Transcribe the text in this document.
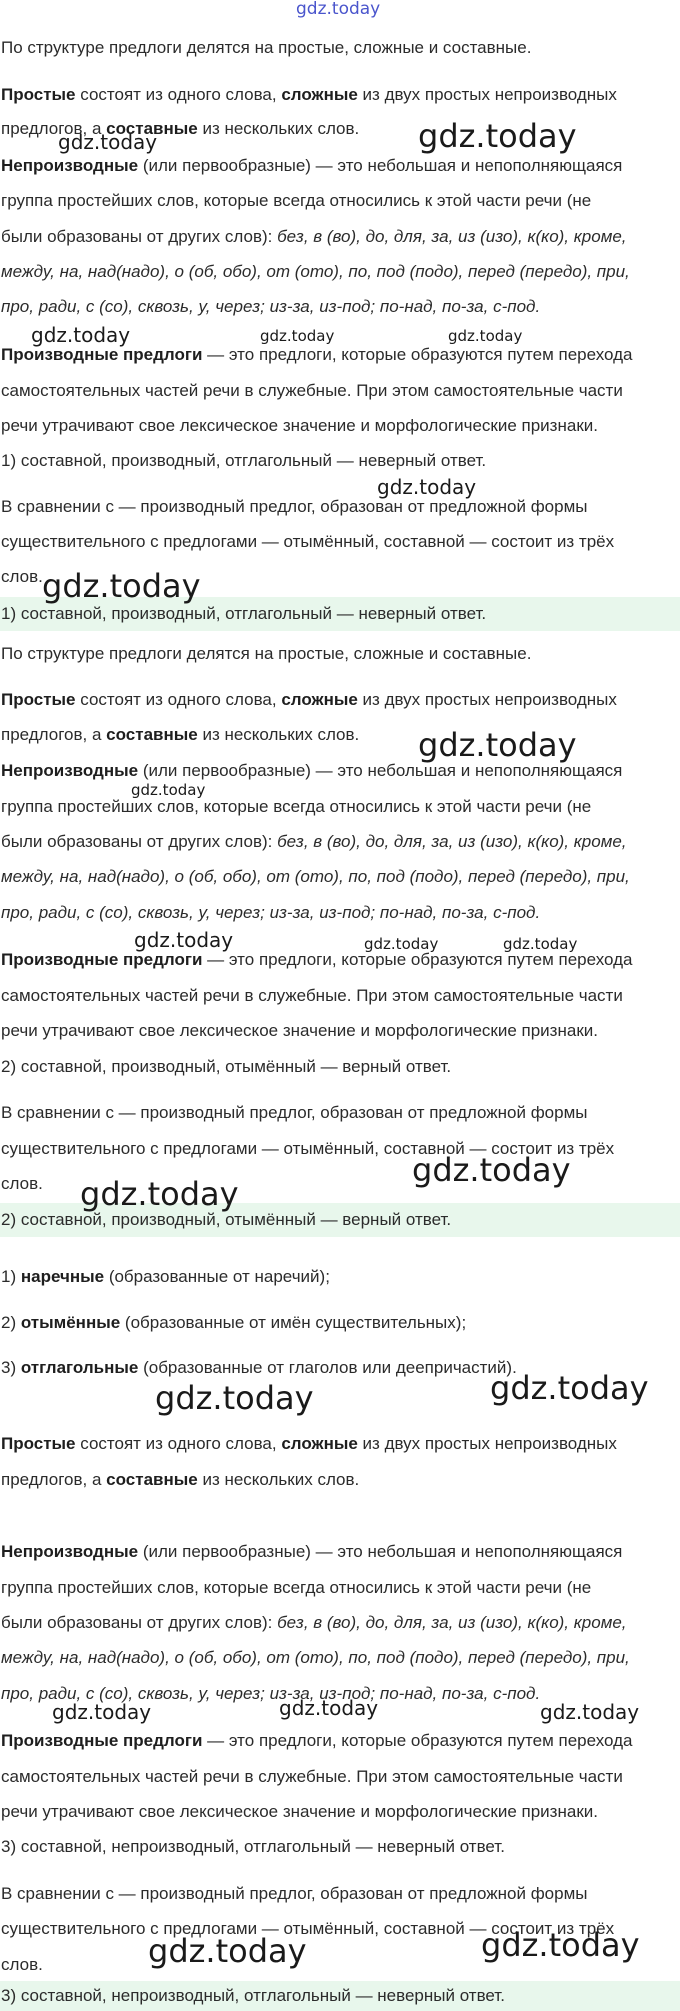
gdz.today
По структуре предлоги делятся на простые, сложные и составные.
Простые состоят из одного слова, сложные из двух простых непроизводных
предлогов, а составные из нескольких слов.
Непроизводные (или первообразные) — это небольшая и непополняющаяся
группа простейших слов, которые всегда относились к этой части речи (не
были образованы от других слов): без, в (во), до, для, за, из (изо), к(ко), кроме,
между, на, над(надо), о (об, обо), от (ото), по, под (подо), перед (передо), при,
про, ради, с (со), сквозь, у, через; из-за, из-под; по-над, по-за, с-под.
Производные предлоги — это предлоги, которые образуются путем перехода
самостоятельных частей речи в служебные. При этом самостоятельные части
речи утрачивают свое лексическое значение и морфологические признаки.
1) составной, производный, отглагольный — неверный ответ.
В сравнении с — производный предлог, образован от предложной формы
существительного с предлогами — отымённый, составной — состоит из трёх
слов.
1) составной, производный, отглагольный — неверный ответ.
По структуре предлоги делятся на простые, сложные и составные.
Простые состоят из одного слова, сложные из двух простых непроизводных
предлогов, а составные из нескольких слов.
Непроизводные (или первообразные) — это небольшая и непополняющаяся
группа простейших слов, которые всегда относились к этой части речи (не
были образованы от других слов): без, в (во), до, для, за, из (изо), к(ко), кроме,
между, на, над(надо), о (об, обо), от (ото), по, под (подо), перед (передо), при,
про, ради, с (со), сквозь, у, через; из-за, из-под; по-над, по-за, с-под.
Производные предлоги — это предлоги, которые образуются путем перехода
самостоятельных частей речи в служебные. При этом самостоятельные части
речи утрачивают свое лексическое значение и морфологические признаки.
2) составной, производный, отымённый — верный ответ.
В сравнении с — производный предлог, образован от предложной формы
существительного с предлогами — отымённый, составной — состоит из трёх
слов.
2) составной, производный, отымённый — верный ответ.
1) наречные (образованные от наречий);
2) отымённые (образованные от имён существительных);
3) отглагольные (образованные от глаголов или деепричастий).
Простые состоят из одного слова, сложные из двух простых непроизводных
предлогов, а составные из нескольких слов.
Непроизводные (или первообразные) — это небольшая и непополняющаяся
группа простейших слов, которые всегда относились к этой части речи (не
были образованы от других слов): без, в (во), до, для, за, из (изо), к(ко), кроме,
между, на, над(надо), о (об, обо), от (ото), по, под (подо), перед (передо), при,
про, ради, с (со), сквозь, у, через; из-за, из-под; по-над, по-за, с-под.
Производные предлоги — это предлоги, которые образуются путем перехода
самостоятельных частей речи в служебные. При этом самостоятельные части
речи утрачивают свое лексическое значение и морфологические признаки.
3) составной, непроизводный, отглагольный — неверный ответ.
В сравнении с — производный предлог, образован от предложной формы
существительного с предлогами — отымённый, составной — состоит из трёх
слов.
3) составной, непроизводный, отглагольный — неверный ответ.
gdz.today	gdz.today
gdz.today	gdz.today	gdz.today
gdz.today
gdz.today
gdz.today
gdz.today
gdz.today	gdz.today	gdz.today
gdz.today
gdz.today
gdz.today
gdz.today
gdz.today	gdz.today	gdz.today
gdz.today	gdz.today
